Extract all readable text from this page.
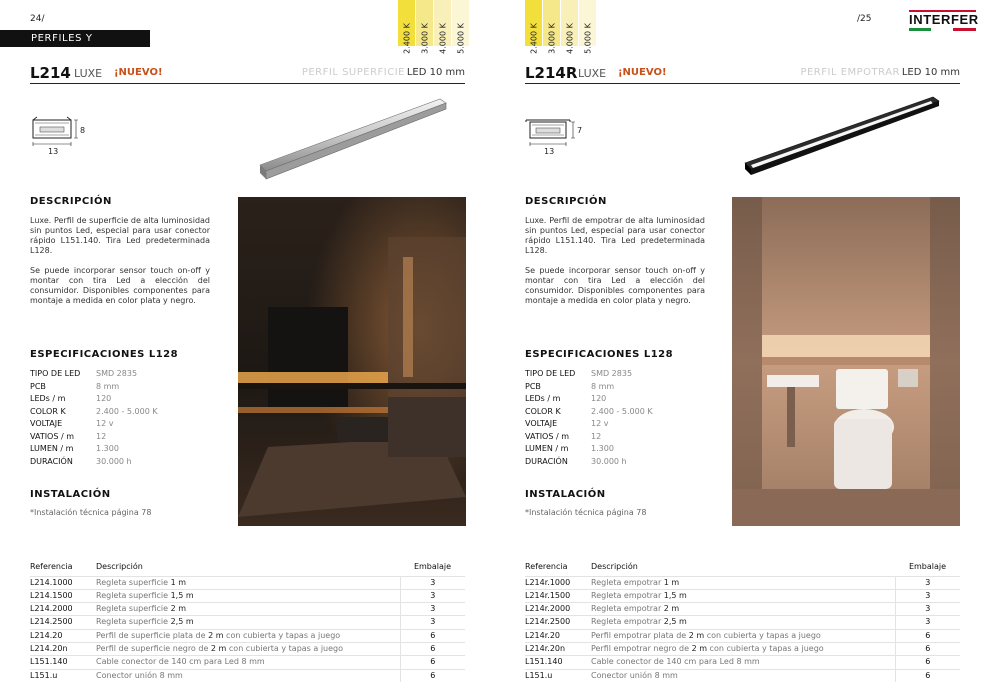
24/	/25
PERFILES Y REGLETAS
2.400 K 3.000 K 4.000 K 5.000 K	2.400 K 3.000 K 4.000 K 5.000 K
INTERFER
L214 LUXE ¡NUEVO!	PERFIL SUPERFICIE LED 10 mm
8
13
DESCRIPCIÓN

Luxe. Perfil de superficie de alta luminosidad sin puntos Led, especial para usar conector rápido L151.140. Tira Led predeterminada L128.

Se puede incorporar sensor touch on-off y montar con tira Led a elección del consumidor. Disponibles componentes para montaje a medida en color plata y negro.

ESPECIFICACIONES L128
TIPO DE LED	SMD 2835
PCB	8 mm
LEDs / m	120
COLOR K	2.400 - 5.000 K
VOLTAJE	12 v
VATIOS / m	12
LUMEN / m	1.300
DURACIÓN	30.000 h
INSTALACIÓN
*Instalación técnica página 78
Referencia	Descripción	Embalaje
L214.1000	Regleta superficie 1 m	3
L214.1500	Regleta superficie 1,5 m	3
L214.2000	Regleta superficie 2 m	3
L214.2500	Regleta superficie 2,5 m	3
L214.20	Perfil de superficie plata de 2 m con cubierta y tapas a juego	6
L214.20n	Perfil de superficie negro de 2 m con cubierta y tapas a juego	6
L151.140	Cable conector de 140 cm para Led 8 mm	6
L151.u	Conector unión 8 mm	6
L214R LUXE ¡NUEVO!	PERFIL EMPOTRAR LED 10 mm
7
13
DESCRIPCIÓN

Luxe. Perfil de empotrar de alta luminosidad sin puntos Led, especial para usar conector rápido L151.140. Tira Led predeterminada L128.

Se puede incorporar sensor touch on-off y montar con tira Led a elección del consumidor. Disponibles componentes para montaje a medida en color plata y negro.

ESPECIFICACIONES L128
TIPO DE LED	SMD 2835
PCB	8 mm
LEDs / m	120
COLOR K	2.400 - 5.000 K
VOLTAJE	12 v
VATIOS / m	12
LUMEN / m	1.300
DURACIÓN	30.000 h
INSTALACIÓN
*Instalación técnica página 78
Referencia	Descripción	Embalaje
L214r.1000	Regleta empotrar 1 m	3
L214r.1500	Regleta empotrar 1,5 m	3
L214r.2000	Regleta empotrar 2 m	3
L214r.2500	Regleta empotrar 2,5 m	3
L214r.20	Perfil empotrar plata de 2 m con cubierta y tapas a juego	6
L214r.20n	Perfil empotrar negro de 2 m con cubierta y tapas a juego	6
L151.140	Cable conector de 140 cm para Led 8 mm	6
L151.u	Conector unión 8 mm	6
